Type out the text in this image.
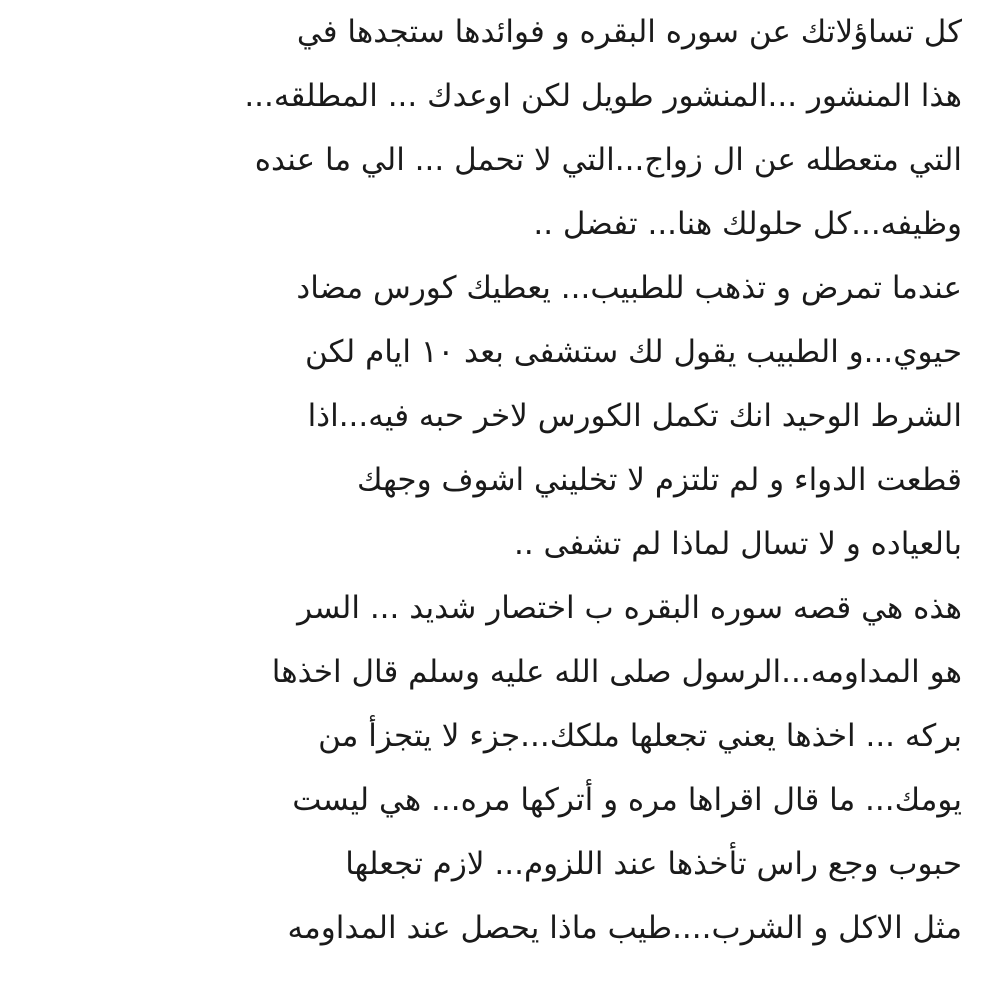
كل تساؤلاتك عن سوره البقره و فوائدها ستجدها في
هذا المنشور ...المنشور طويل لكن اوعدك ... المطلقه...
التي متعطله عن ال زواج...التي لا تحمل ... الي ما عنده
وظيفه...كل حلولك هنا... تفضل ..
عندما تمرض و تذهب للطبيب... يعطيك كورس مضاد
حيوي...و الطبيب يقول لك ستشفى بعد ١٠ ايام لكن
الشرط الوحيد انك تكمل الكورس لاخر حبه فيه...اذا
قطعت الدواء و لم تلتزم لا تخليني اشوف وجهك
بالعياده و لا تسال لماذا لم تشفى ..
هذه هي قصه سوره البقره ب اختصار شديد ... السر
هو المداومه...الرسول صلى الله عليه وسلم قال اخذها
بركه ... اخذها يعني تجعلها ملكك...جزء لا يتجزأ من
يومك... ما قال اقراها مره و أتركها مره... هي ليست
حبوب وجع راس تأخذها عند اللزوم... لازم تجعلها
مثل الاكل و الشرب....طيب ماذا يحصل عند المداومه
